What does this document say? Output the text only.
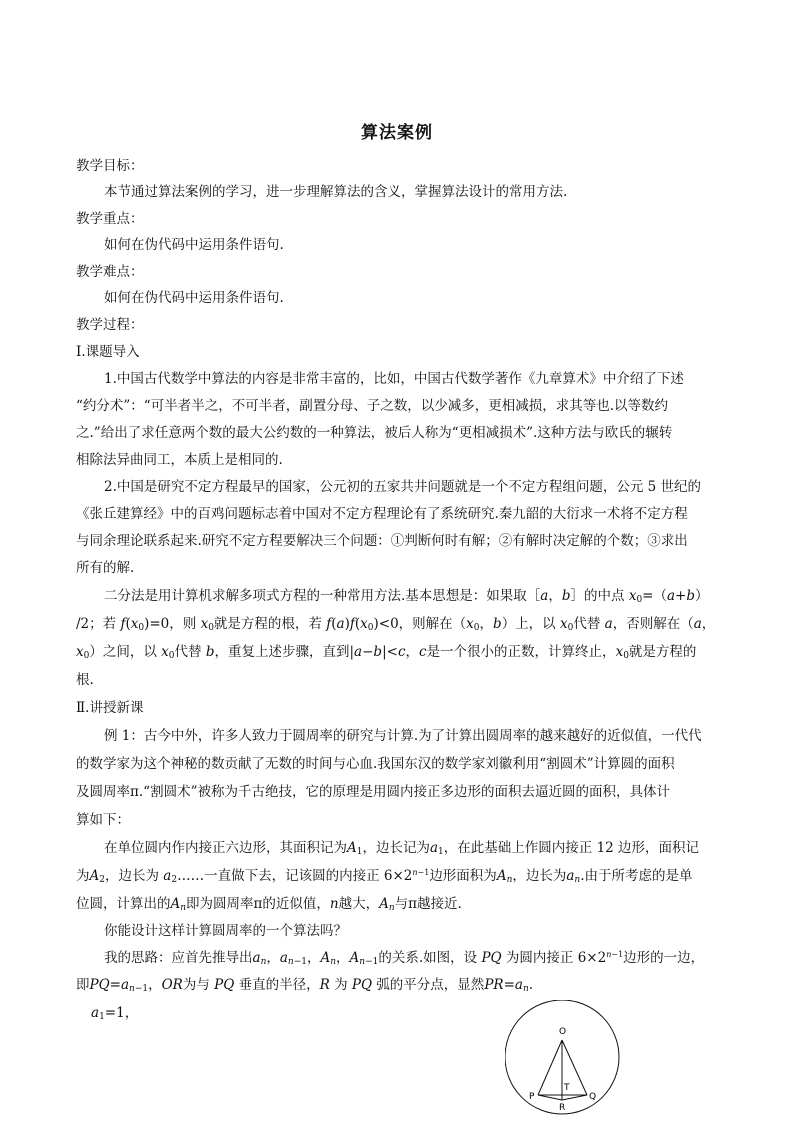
算法案例
教学目标：
本节通过算法案例的学习，进一步理解算法的含义，掌握算法设计的常用方法.
教学重点：
如何在伪代码中运用条件语句.
教学难点：
如何在伪代码中运用条件语句.
教学过程：
Ⅰ.课题导入
1.中国古代数学中算法的内容是非常丰富的，比如，中国古代数学著作《九章算术》中介绍了下述
“约分术”：“可半者半之，不可半者，副置分母、子之数，以少减多，更相减损，求其等也.以等数约
之.”给出了求任意两个数的最大公约数的一种算法，被后人称为“更相减损术”.这种方法与欧氏的辗转
相除法异曲同工，本质上是相同的.
2.中国是研究不定方程最早的国家，公元初的五家共井问题就是一个不定方程组问题，公元 5 世纪的
《张丘建算经》中的百鸡问题标志着中国对不定方程理论有了系统研究.秦九韶的大衍求一术将不定方程
与同余理论联系起来.研究不定方程要解决三个问题：①判断何时有解；②有解时决定解的个数；③求出
所有的解.
二分法是用计算机求解多项式方程的一种常用方法.基本思想是：如果取［a，b］的中点 $x_0=(a+b)$
/2；若 $f(x_0)=0$，则 $x_0$就是方程的根，若 $f(a)f(x_0)<0$，则解在（$x_0$，b）上，以 $x_0$代替 a，否则解在（a，
$x_0$）之间，以 $x_0$代替 b，重复上述步骤，直到|a−b|<c，c是一个很小的正数，计算终止，$x_0$就是方程的
根.
Ⅱ.讲授新课
例 1：古今中外，许多人致力于圆周率的研究与计算.为了计算出圆周率的越来越好的近似值，一代代
的数学家为这个神秘的数贡献了无数的时间与心血.我国东汉的数学家刘徽利用“割圆术”计算圆的面积
及圆周率π.“割圆术”被称为千古绝技，它的原理是用圆内接正多边形的面积去逼近圆的面积，具体计
算如下：
在单位圆内作内接正六边形，其面积记为$A_1$，边长记为$a_1$，在此基础上作圆内接正 12 边形，面积记
为$A_2$，边长为 $a_2\dots\dots$一直做下去，记该圆的内接正 $6\times 2^{n-1}$边形面积为$A_n$，边长为$a_n$.由于所考虑的是单
位圆，计算出的$A_n$即为圆周率π的近似值，n越大，$A_n$与π越接近.
你能设计这样计算圆周率的一个算法吗？
我的思路：应首先推导出$a_n$，$a_{n-1}$，$A_n$，$A_{n-1}$的关系.如图，设 PQ 为圆内接正 $6\times 2^{n-1}$边形的一边，
即$PQ=a_{n-1}$，OR为与 PQ 垂直的半径，R 为 PQ 弧的平分点，显然$PR=a_n$.
$a_1=1$，
O
T
P
R
Q
